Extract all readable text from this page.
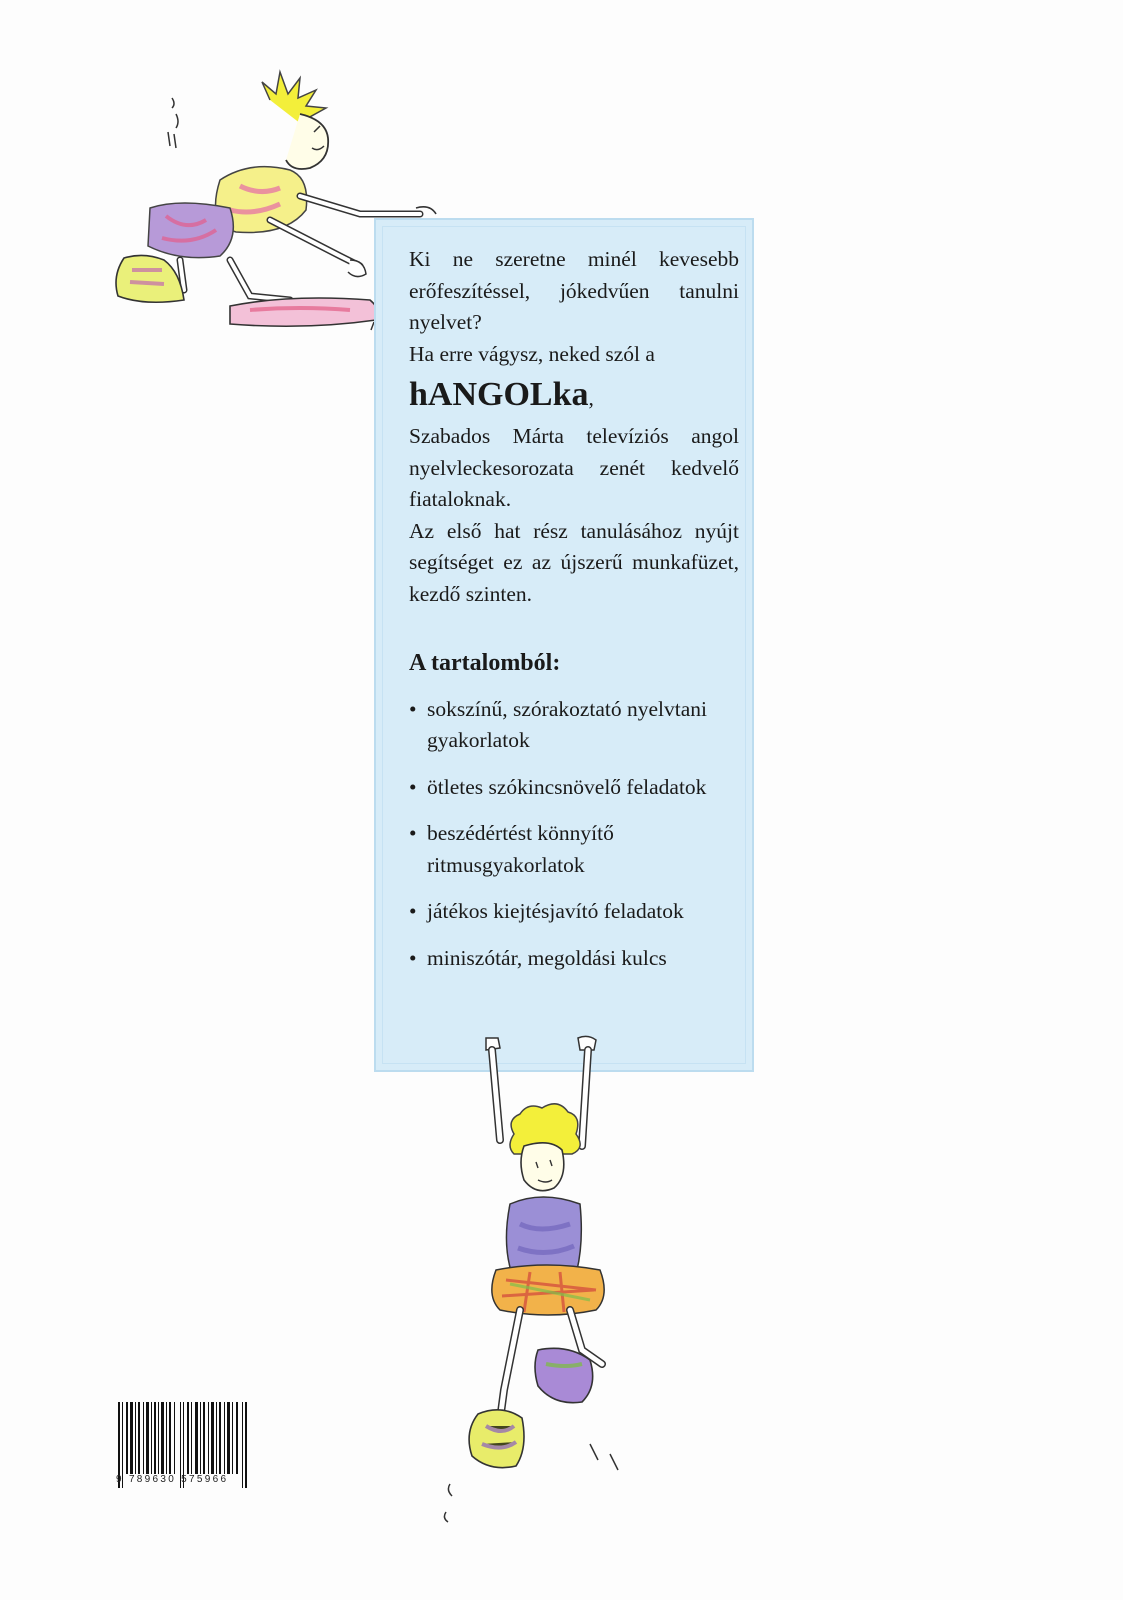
Ki ne szeretne minél kevesebb erőfeszítéssel, jókedvűen tanulni nyelvet?

Ha erre vágysz, neked szól a

hANGOLka,

Szabados Márta televíziós angol nyelvleckesorozata zenét kedvelő fiataloknak.

Az első hat rész tanulásához nyújt segítséget ez az újszerű munkafüzet, kezdő szinten.

A tartalomból:

• sokszínű, szórakoztató nyelvtani gyakorlatok
• ötletes szókincsnövelő feladatok
• beszédértést könnyítő ritmusgyakorlatok
• játékos kiejtésjavító feladatok
• miniszótár, megoldási kulcs
9 789630 575966
